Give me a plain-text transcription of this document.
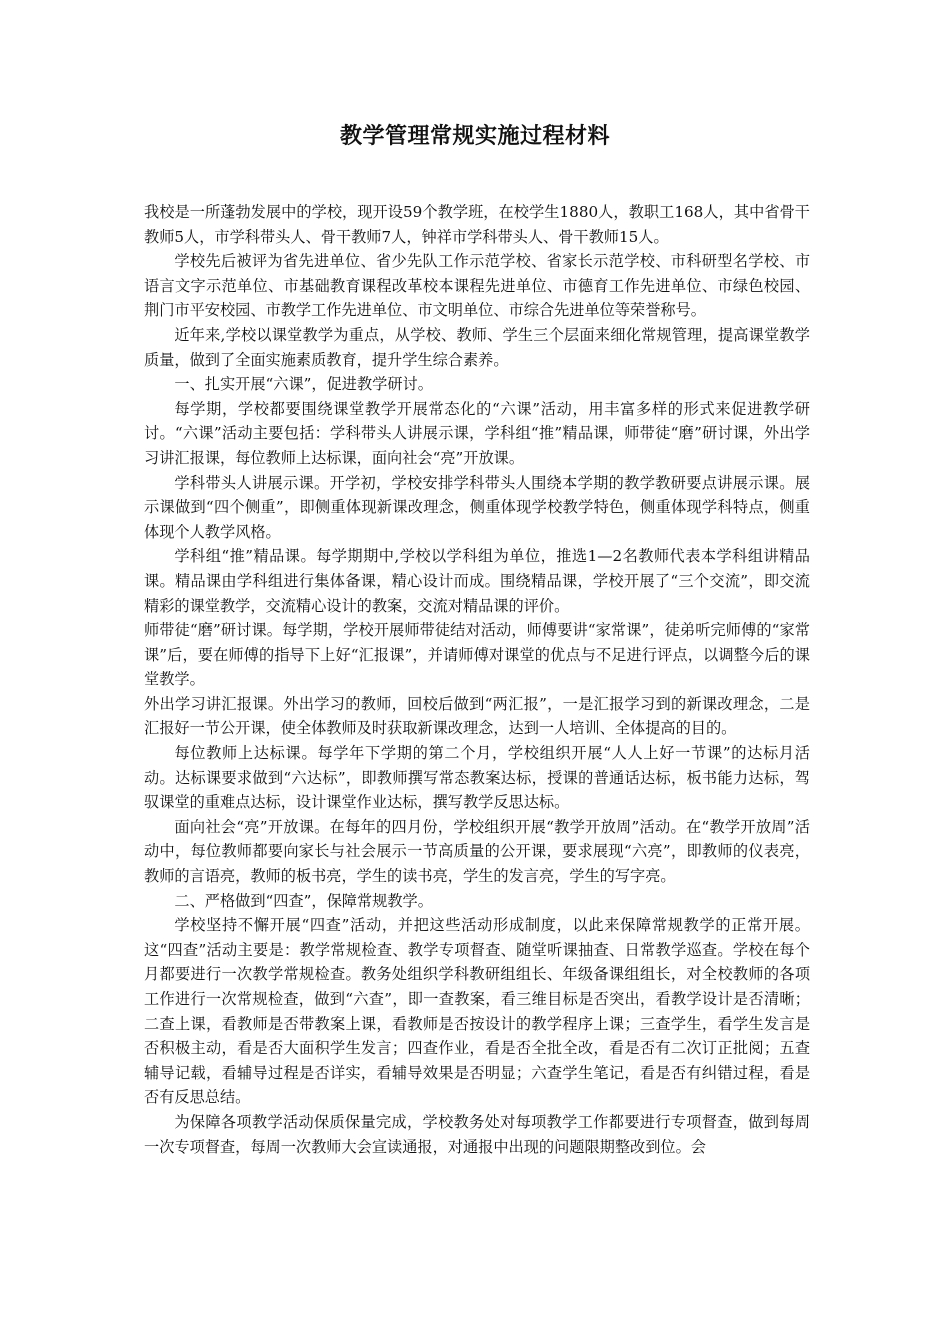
教学管理常规实施过程材料

我校是一所蓬勃发展中的学校，现开设59个教学班，在校学生1880人，教职工168人，其中省骨干教师5人，市学科带头人、骨干教师7人，钟祥市学科带头人、骨干教师15人。

学校先后被评为省先进单位、省少先队工作示范学校、省家长示范学校、市科研型名学校、市语言文字示范单位、市基础教育课程改革校本课程先进单位、市德育工作先进单位、市绿色校园、荆门市平安校园、市教学工作先进单位、市文明单位、市综合先进单位等荣誉称号。

近年来,学校以课堂教学为重点，从学校、教师、学生三个层面来细化常规管理，提高课堂教学质量，做到了全面实施素质教育，提升学生综合素养。

一、扎实开展“六课”，促进教学研讨。

每学期，学校都要围绕课堂教学开展常态化的“六课”活动，用丰富多样的形式来促进教学研讨。“六课”活动主要包括：学科带头人讲展示课，学科组“推”精品课，师带徒“磨”研讨课，外出学习讲汇报课，每位教师上达标课，面向社会“亮”开放课。

学科带头人讲展示课。开学初，学校安排学科带头人围绕本学期的教学教研要点讲展示课。展示课做到“四个侧重”，即侧重体现新课改理念，侧重体现学校教学特色，侧重体现学科特点，侧重体现个人教学风格。

学科组“推”精品课。每学期期中,学校以学科组为单位，推选1—2名教师代表本学科组讲精品课。精品课由学科组进行集体备课，精心设计而成。围绕精品课，学校开展了“三个交流”，即交流精彩的课堂教学，交流精心设计的教案，交流对精品课的评价。

师带徒“磨”研讨课。每学期，学校开展师带徒结对活动，师傅要讲“家常课”，徒弟听完师傅的“家常课”后，要在师傅的指导下上好“汇报课”，并请师傅对课堂的优点与不足进行评点，以调整今后的课堂教学。

外出学习讲汇报课。外出学习的教师，回校后做到“两汇报”，一是汇报学习到的新课改理念，二是汇报好一节公开课，使全体教师及时获取新课改理念，达到一人培训、全体提高的目的。

每位教师上达标课。每学年下学期的第二个月，学校组织开展“人人上好一节课”的达标月活动。达标课要求做到“六达标”，即教师撰写常态教案达标，授课的普通话达标，板书能力达标，驾驭课堂的重难点达标，设计课堂作业达标，撰写教学反思达标。

面向社会“亮”开放课。在每年的四月份，学校组织开展“教学开放周”活动。在“教学开放周”活动中，每位教师都要向家长与社会展示一节高质量的公开课，要求展现“六亮”，即教师的仪表亮，教师的言语亮，教师的板书亮，学生的读书亮，学生的发言亮，学生的写字亮。

二、严格做到“四查”，保障常规教学。

学校坚持不懈开展“四查”活动，并把这些活动形成制度，以此来保障常规教学的正常开展。这“四查”活动主要是：教学常规检查、教学专项督查、随堂听课抽查、日常教学巡查。学校在每个月都要进行一次教学常规检查。教务处组织学科教研组组长、年级备课组组长，对全校教师的各项工作进行一次常规检查，做到“六查”，即一查教案，看三维目标是否突出，看教学设计是否清晰；二查上课，看教师是否带教案上课，看教师是否按设计的教学程序上课；三查学生，看学生发言是否积极主动，看是否大面积学生发言；四查作业，看是否全批全改，看是否有二次订正批阅；五查辅导记载，看辅导过程是否详实，看辅导效果是否明显；六查学生笔记，看是否有纠错过程，看是否有反思总结。

为保障各项教学活动保质保量完成，学校教务处对每项教学工作都要进行专项督查，做到每周一次专项督查，每周一次教师大会宣读通报，对通报中出现的问题限期整改到位。会
